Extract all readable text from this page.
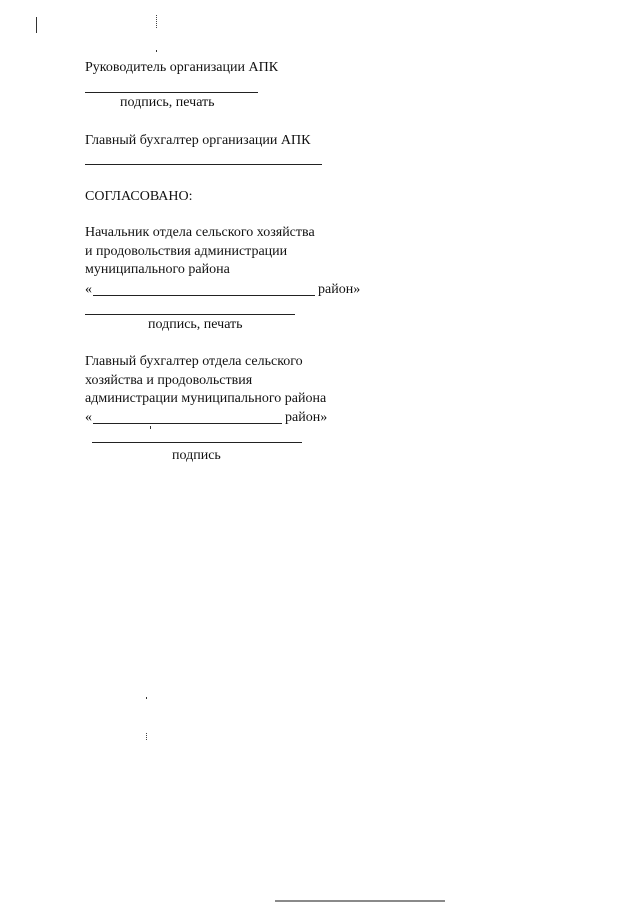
Руководитель организации АПК
подпись, печать
Главный бухгалтер организации АПК
СОГЛАСОВАНО:
Начальник отдела сельского хозяйства
и продовольствия администрации
муниципального района
«	район»
подпись, печать
Главный бухгалтер отдела сельского
хозяйства и продовольствия
администрации муниципального района
«	район»
подпись
